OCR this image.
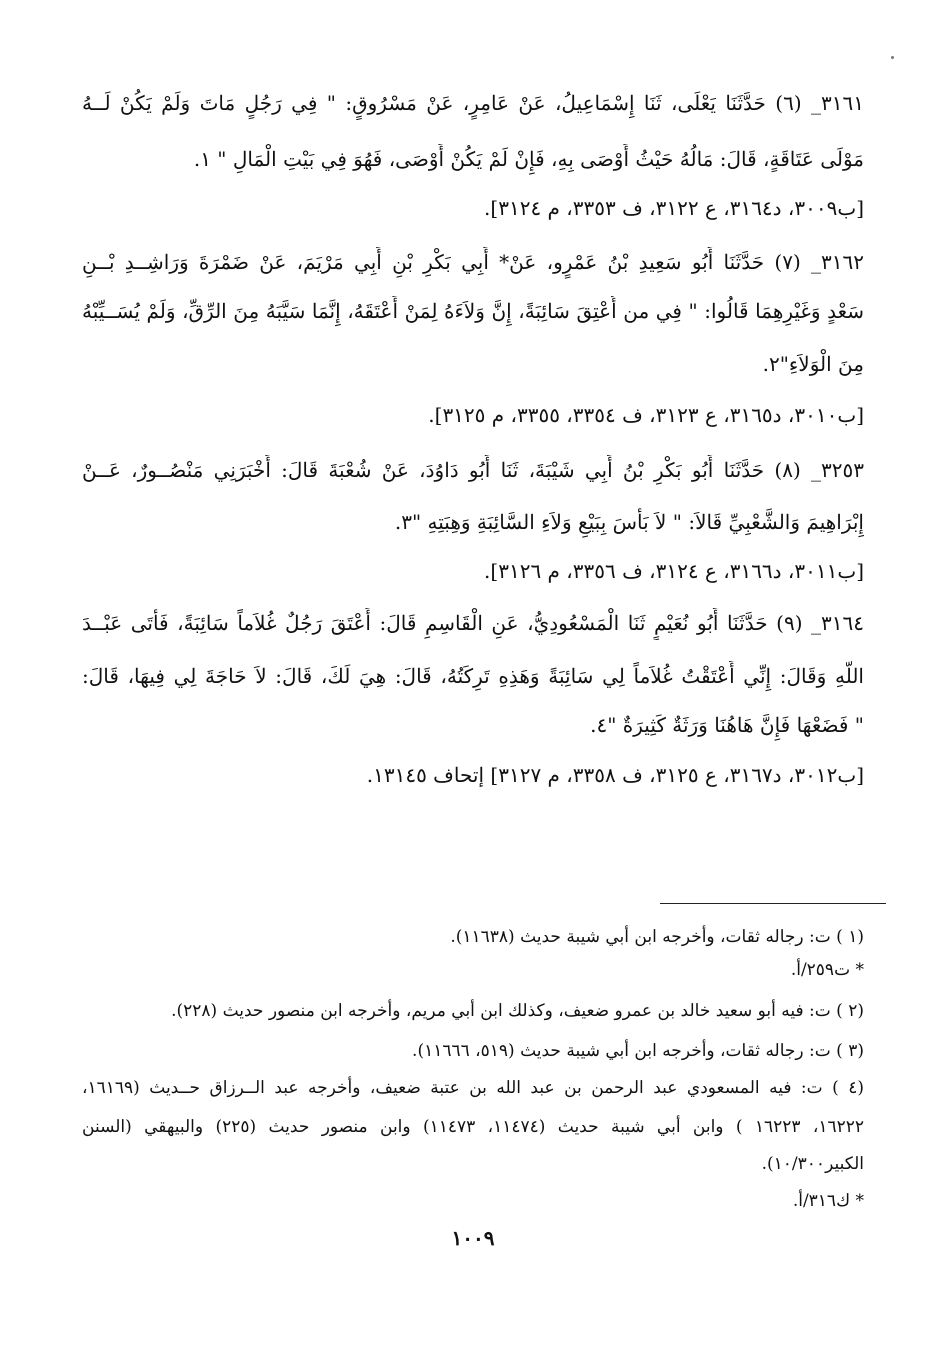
٣١٦١_ (٦) حَدَّثَنَا يَعْلَى، ثَنَا إِسْمَاعِيلُ، عَنْ عَامِرٍ، عَنْ مَسْرُوقٍ: " فِي رَجُلٍ مَاتَ وَلَمْ يَكُنْ لَــهُ
مَوْلَى عَتَاقَةٍ، قَالَ: مَالُهُ حَيْثُ أَوْصَى بِهِ، فَإِنْ لَمْ يَكُنْ أَوْصَى، فَهُوَ فِي بَيْتِ الْمَالِ " ١.
[ب٣٠٠٩، د٣١٦٤، ع ٣١٢٢، ف ٣٣٥٣، م ٣١٢٤].
٣١٦٢_ (٧) حَدَّثَنَا أَبُو سَعِيدِ بْنُ عَمْرٍو، عَنْ* أَبِي بَكْرِ بْنِ أَبِي مَرْيَمَ، عَنْ ضَمْرَةَ وَرَاشِــدِ بْــنِ
سَعْدٍ وَغَيْرِهِمَا قَالُوا: " فِي من أُعْتِقَ سَائِبَةً، إِنَّ وَلاَءَهُ لِمَنْ أَعْتَقَهُ، إِنَّمَا سَيَّبَهُ مِنَ الرِّقِّ، وَلَمْ يُسَــيِّبْهُ
مِنَ الْوَلاَءِ"٢.
[ب٣٠١٠، د٣١٦٥، ع ٣١٢٣، ف ٣٣٥٤، ٣٣٥٥، م ٣١٢٥].
٣٢٥٣_ (٨) حَدَّثَنَا أَبُو بَكْرِ بْنُ أَبِي شَيْبَةَ، ثَنَا أَبُو دَاوُدَ، عَنْ شُعْبَةَ قَالَ: أَخْبَرَنِي مَنْصُــورٌ، عَــنْ
إِبْرَاهِيمَ وَالشَّعْبِيِّ قَالاَ: " لاَ بَأْسَ بِبَيْعِ وَلاَءِ السَّائِبَةِ وَهِبَتِهِ "٣.
[ب٣٠١١، د٣١٦٦، ع ٣١٢٤، ف ٣٣٥٦، م ٣١٢٦].
٣١٦٤_ (٩) حَدَّثَنَا أَبُو نُعَيْمٍ ثَنَا الْمَسْعُودِيُّ، عَنِ الْقَاسِمِ قَالَ: أَعْتَقَ رَجُلٌ غُلاَماً سَائِبَةً، فَأَتَى عَبْــدَ
اللَّهِ وَقَالَ: إِنِّي أَعْتَقْتُ غُلاَماً لِي سَائِبَةً وَهَذِهِ تَرِكَتُهُ، قَالَ: هِيَ لَكَ، قَالَ: لاَ حَاجَةَ لِي فِيهَا، قَالَ:
" فَضَعْهَا فَإِنَّ هَاهُنَا وَرَثَةٌ كَثِيرَةٌ "٤.
[ب٣٠١٢، د٣١٦٧، ع ٣١٢٥، ف ٣٣٥٨، م ٣١٢٧] إتحاف ١٣١٤٥.
(١ ) ت: رجاله ثقات، وأخرجه ابن أبي شيبة حديث (١١٦٣٨).
* ت٢٥٩/أ.
(٢ ) ت: فيه أبو سعيد خالد بن عمرو ضعيف، وكذلك ابن أبي مريم، وأخرجه ابن منصور حديث (٢٢٨).
(٣ ) ت: رجاله ثقات، وأخرجه ابن أبي شيبة حديث (٥١٩، ١١٦٦٦).
(٤ ) ت: فيه المسعودي عبد الرحمن بن عبد الله بن عتبة ضعيف، وأخرجه عبد الــرزاق حــديث (١٦١٦٩،
١٦٢٢٢، ١٦٢٢٣ ) وابن أبي شيبة حديث (١١٤٧٤، ١١٤٧٣) وابن منصور حديث (٢٢٥) والبيهقي (السنن
الكبير١٠/٣٠٠).
* ك٣١٦/أ.
١٠٠٩
